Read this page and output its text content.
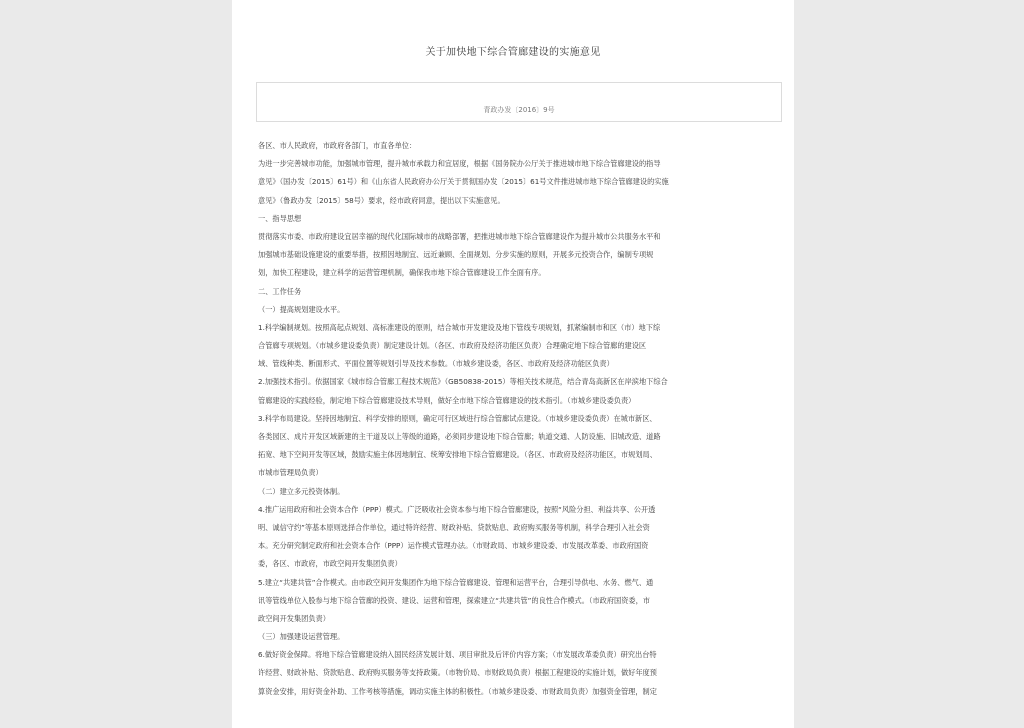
关于加快地下综合管廊建设的实施意见
青政办发〔2016〕9号
各区、市人民政府，市政府各部门，市直各单位：
为进一步完善城市功能，加强城市管理，提升城市承载力和宜居度，根据《国务院办公厅关于推进城市地下综合管廊建设的指导
意见》（国办发〔2015〕61号）和《山东省人民政府办公厅关于贯彻国办发〔2015〕61号文件推进城市地下综合管廊建设的实施
意见》（鲁政办发〔2015〕58号）要求，经市政府同意，提出以下实施意见。
一、指导思想
贯彻落实市委、市政府建设宜居幸福的现代化国际城市的战略部署，把推进城市地下综合管廊建设作为提升城市公共服务水平和
加强城市基础设施建设的重要举措，按照因地制宜、远近兼顾、全面规划、分步实施的原则，开展多元投资合作，编制专项规
划，加快工程建设，建立科学的运营管理机制，确保我市地下综合管廊建设工作全面有序。
二、工作任务
（一）提高规划建设水平。
1.科学编制规划。按照高起点规划、高标准建设的原则，结合城市开发建设及地下管线专项规划，抓紧编制市和区（市）地下综
合管廊专项规划。（市城乡建设委负责）制定建设计划。（各区、市政府及经济功能区负责）合理确定地下综合管廊的建设区
域、管线种类、断面形式、平面位置等规划引导及技术参数。（市城乡建设委，各区、市政府及经济功能区负责）
2.加强技术指引。依据国家《城市综合管廊工程技术规范》（GB50838-2015）等相关技术规范，结合青岛高新区在岸滨地下综合
管廊建设的实践经验，制定地下综合管廊建设技术导则，做好全市地下综合管廊建设的技术指引。（市城乡建设委负责）
3.科学布局建设。坚持因地制宜、科学安排的原则，确定可行区域进行综合管廊试点建设。（市城乡建设委负责）在城市新区、
各类园区、成片开发区域新建的主干道及以上等级的道路，必须同步建设地下综合管廊；轨道交通、人防设施、旧城改造、道路
拓宽、地下空间开发等区域，鼓励实施主体因地制宜、统筹安排地下综合管廊建设。（各区、市政府及经济功能区，市规划局、
市城市管理局负责）
（二）建立多元投资体制。
4.推广运用政府和社会资本合作（PPP）模式。广泛吸收社会资本参与地下综合管廊建设，按照“风险分担、利益共享、公开透
明、诚信守约”等基本原则选择合作单位，通过特许经营、财政补贴、贷款贴息、政府购买服务等机制，科学合理引入社会资
本。充分研究制定政府和社会资本合作（PPP）运作模式管理办法。（市财政局、市城乡建设委、市发展改革委、市政府国资
委，各区、市政府，市政空间开发集团负责）
5.建立“共建共管”合作模式。由市政空间开发集团作为地下综合管廊建设、管理和运营平台，合理引导供电、水务、燃气、通
讯等管线单位入股参与地下综合管廊的投资、建设、运营和管理，探索建立“共建共管”的良性合作模式。（市政府国资委，市
政空间开发集团负责）
（三）加强建设运营管理。
6.做好资金保障。将地下综合管廊建设纳入国民经济发展计划、项目审批及后评价内容方案；（市发展改革委负责）研究出台特
许经营、财政补贴、贷款贴息、政府购买服务等支持政策。（市物价局、市财政局负责）根据工程建设的实施计划，做好年度预
算资金安排，用好资金补助、工作考核等措施，调动实施主体的积极性。（市城乡建设委、市财政局负责）加强资金管理，制定
